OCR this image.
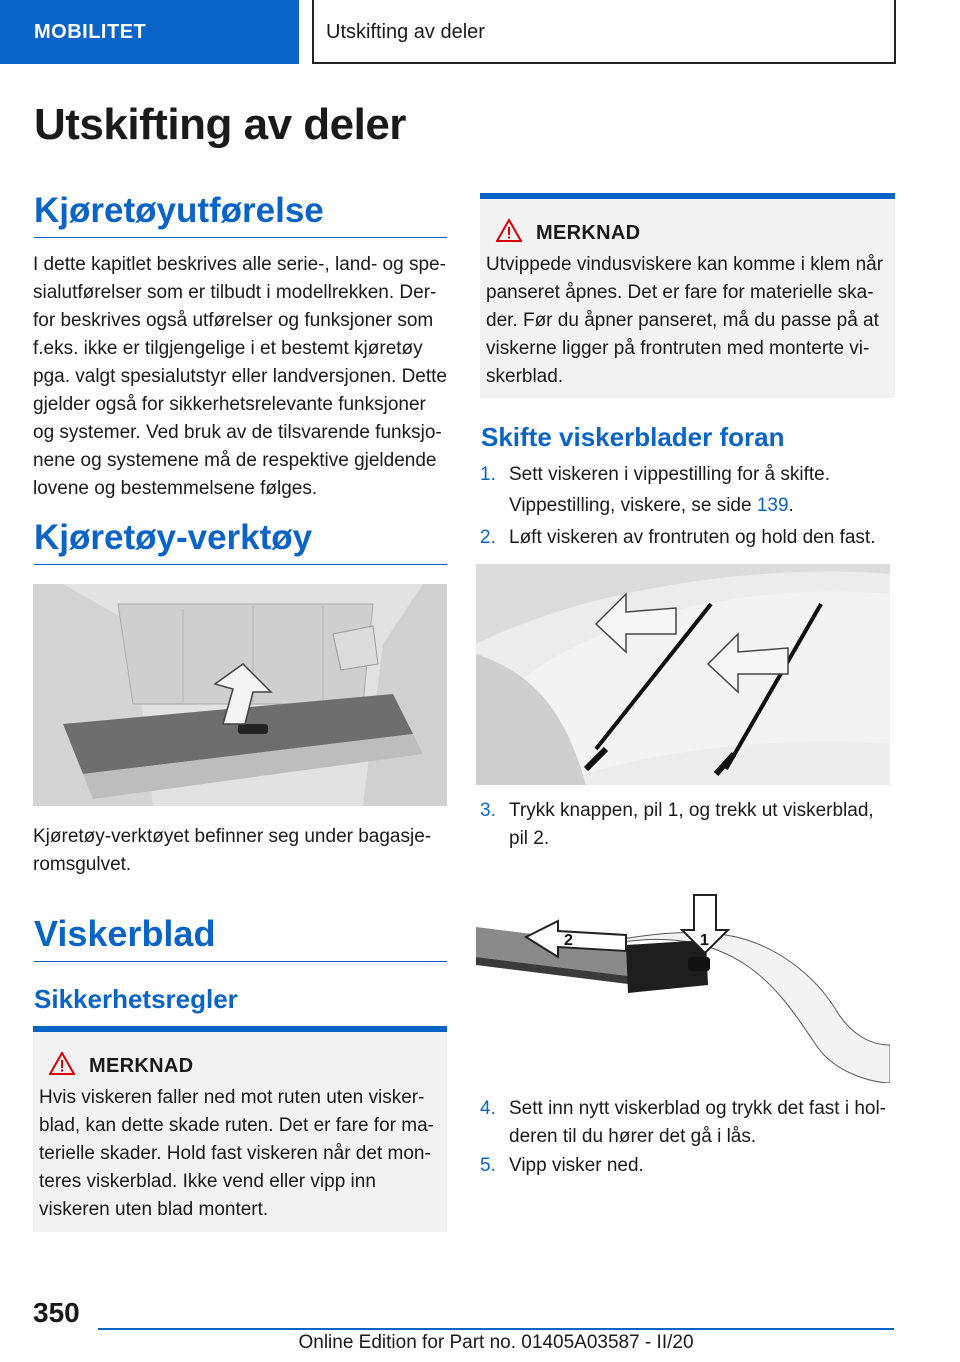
MOBILITET	Utskifting av deler
Utskifting av deler
Kjøretøyutførelse
I dette kapitlet beskrives alle serie-, land- og spe-
sialutførelser som er tilbudt i modellrekken. Der-
for beskrives også utførelser og funksjoner som
f.eks. ikke er tilgjengelige i et bestemt kjøretøy
pga. valgt spesialutstyr eller landversjonen. Dette
gjelder også for sikkerhetsrelevante funksjoner
og systemer. Ved bruk av de tilsvarende funksjo-
nene og systemene må de respektive gjeldende
lovene og bestemmelsene følges.
Kjøretøy-verktøy
Kjøretøy-verktøyet befinner seg under bagasje-
romsgulvet.
Viskerblad
Sikkerhetsregler
MERKNAD
Hvis viskeren faller ned mot ruten uten visker-
blad, kan dette skade ruten. Det er fare for ma-
terielle skader. Hold fast viskeren når det mon-
teres viskerblad. Ikke vend eller vipp inn
viskeren uten blad montert.
MERKNAD
Utvippede vindusviskere kan komme i klem når
panseret åpnes. Det er fare for materielle ska-
der. Før du åpner panseret, må du passe på at
viskerne ligger på frontruten med monterte vi-
skerblad.
Skifte viskerblader foran
1. Sett viskeren i vippestilling for å skifte.
Vippestilling, viskere, se side 139.
2. Løft viskeren av frontruten og hold den fast.
3. Trykk knappen, pil 1, og trekk ut viskerblad,
pil 2.
1
2
4. Sett inn nytt viskerblad og trykk det fast i hol-
deren til du hører det gå i lås.
5. Vipp visker ned.
350
Online Edition for Part no. 01405A03587 - II/20
